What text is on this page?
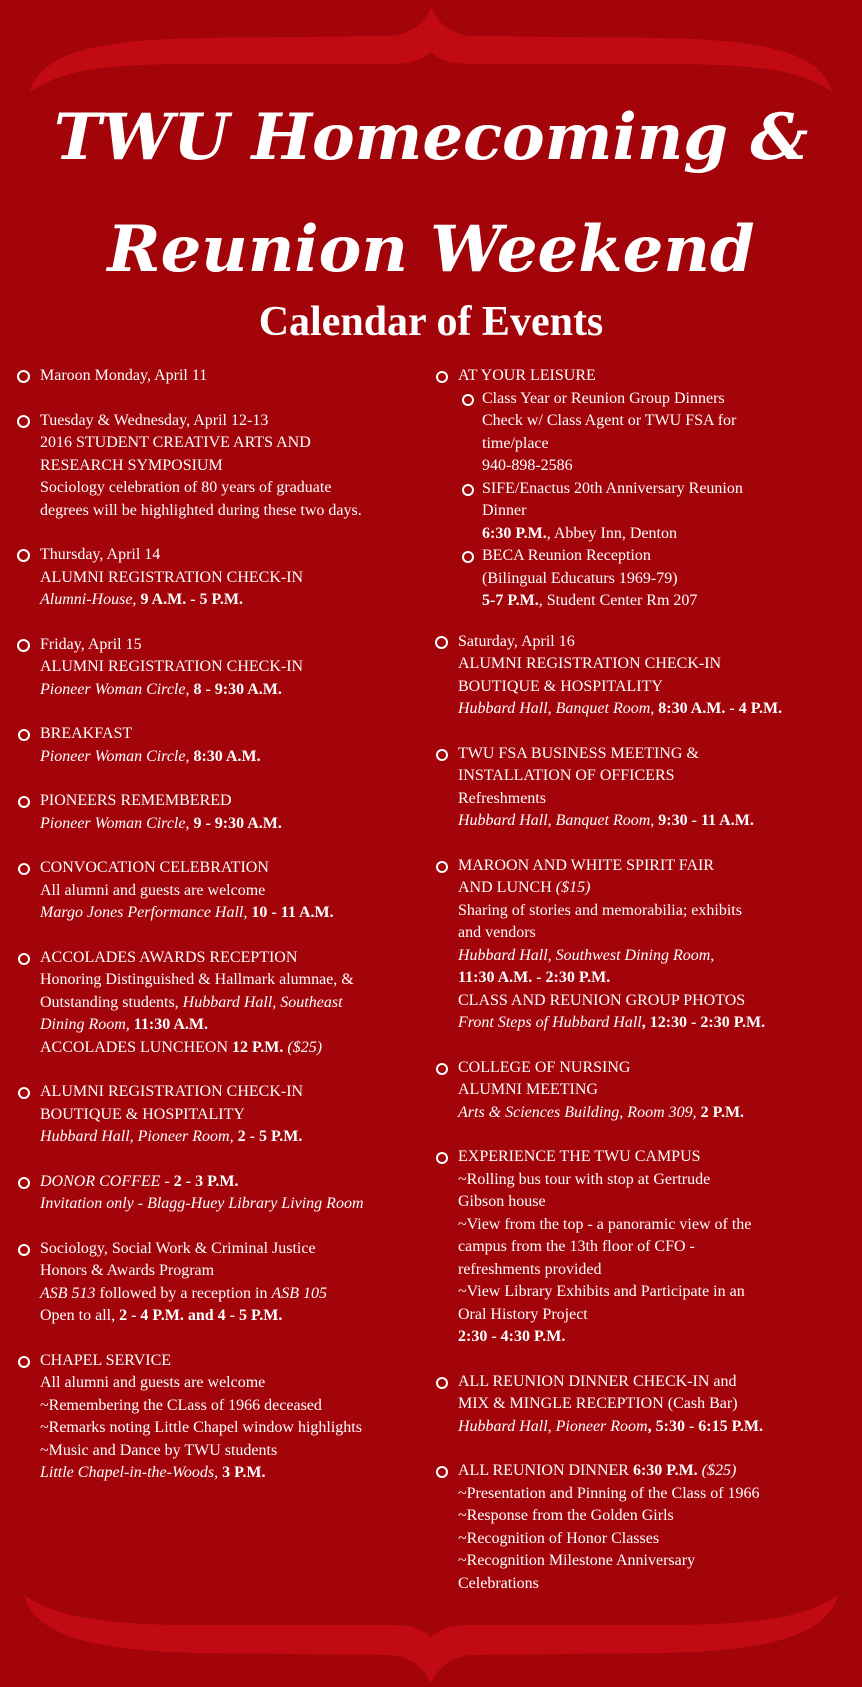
TWU Homecoming &
Reunion Weekend
Calendar of Events
Maroon Monday, April 11
Tuesday & Wednesday, April 12-13
2016 STUDENT CREATIVE ARTS AND
RESEARCH SYMPOSIUM
Sociology celebration of 80 years of graduate
degrees will be highlighted during these two days.
Thursday, April 14
ALUMNI REGISTRATION CHECK-IN
Alumni-House, 9 A.M. - 5 P.M.
Friday, April 15
ALUMNI REGISTRATION CHECK-IN
Pioneer Woman Circle, 8 - 9:30 A.M.
BREAKFAST
Pioneer Woman Circle, 8:30 A.M.
PIONEERS REMEMBERED
Pioneer Woman Circle, 9 - 9:30 A.M.
CONVOCATION CELEBRATION
All alumni and guests are welcome
Margo Jones Performance Hall, 10 - 11 A.M.
ACCOLADES AWARDS RECEPTION
Honoring Distinguished & Hallmark alumnae, &
Outstanding students, Hubbard Hall, Southeast
Dining Room, 11:30 A.M.
ACCOLADES LUNCHEON 12 P.M. ($25)
ALUMNI REGISTRATION CHECK-IN
BOUTIQUE & HOSPITALITY
Hubbard Hall, Pioneer Room, 2 - 5 P.M.
DONOR COFFEE - 2 - 3 P.M.
Invitation only - Blagg-Huey Library Living Room
Sociology, Social Work & Criminal Justice
Honors & Awards Program
ASB 513 followed by a reception in ASB 105
Open to all, 2 - 4 P.M. and 4 - 5 P.M.
CHAPEL SERVICE
All alumni and guests are welcome
~Remembering the CLass of 1966 deceased
~Remarks noting Little Chapel window highlights
~Music and Dance by TWU students
Little Chapel-in-the-Woods, 3 P.M.
AT YOUR LEISURE
Class Year or Reunion Group Dinners
Check w/ Class Agent or TWU FSA for
time/place
940-898-2586
SIFE/Enactus 20th Anniversary Reunion
Dinner
6:30 P.M., Abbey Inn, Denton
BECA Reunion Reception
(Bilingual Educaturs 1969-79)
5-7 P.M., Student Center Rm 207
Saturday, April 16
ALUMNI REGISTRATION CHECK-IN
BOUTIQUE & HOSPITALITY
Hubbard Hall, Banquet Room, 8:30 A.M. - 4 P.M.
TWU FSA BUSINESS MEETING &
INSTALLATION OF OFFICERS
Refreshments
Hubbard Hall, Banquet Room, 9:30 - 11 A.M.
MAROON AND WHITE SPIRIT FAIR
AND LUNCH ($15)
Sharing of stories and memorabilia; exhibits
and vendors
Hubbard Hall, Southwest Dining Room,
11:30 A.M. - 2:30 P.M.
CLASS AND REUNION GROUP PHOTOS
Front Steps of Hubbard Hall, 12:30 - 2:30 P.M.
COLLEGE OF NURSING
ALUMNI MEETING
Arts & Sciences Building, Room 309, 2 P.M.
EXPERIENCE THE TWU CAMPUS
~Rolling bus tour with stop at Gertrude
Gibson house
~View from the top - a panoramic view of the
campus from the 13th floor of CFO -
refreshments provided
~View Library Exhibits and Participate in an
Oral History Project
2:30 - 4:30 P.M.
ALL REUNION DINNER CHECK-IN and
MIX & MINGLE RECEPTION (Cash Bar)
Hubbard Hall, Pioneer Room, 5:30 - 6:15 P.M.
ALL REUNION DINNER 6:30 P.M. ($25)
~Presentation and Pinning of the Class of 1966
~Response from the Golden Girls
~Recognition of Honor Classes
~Recognition Milestone Anniversary
Celebrations
